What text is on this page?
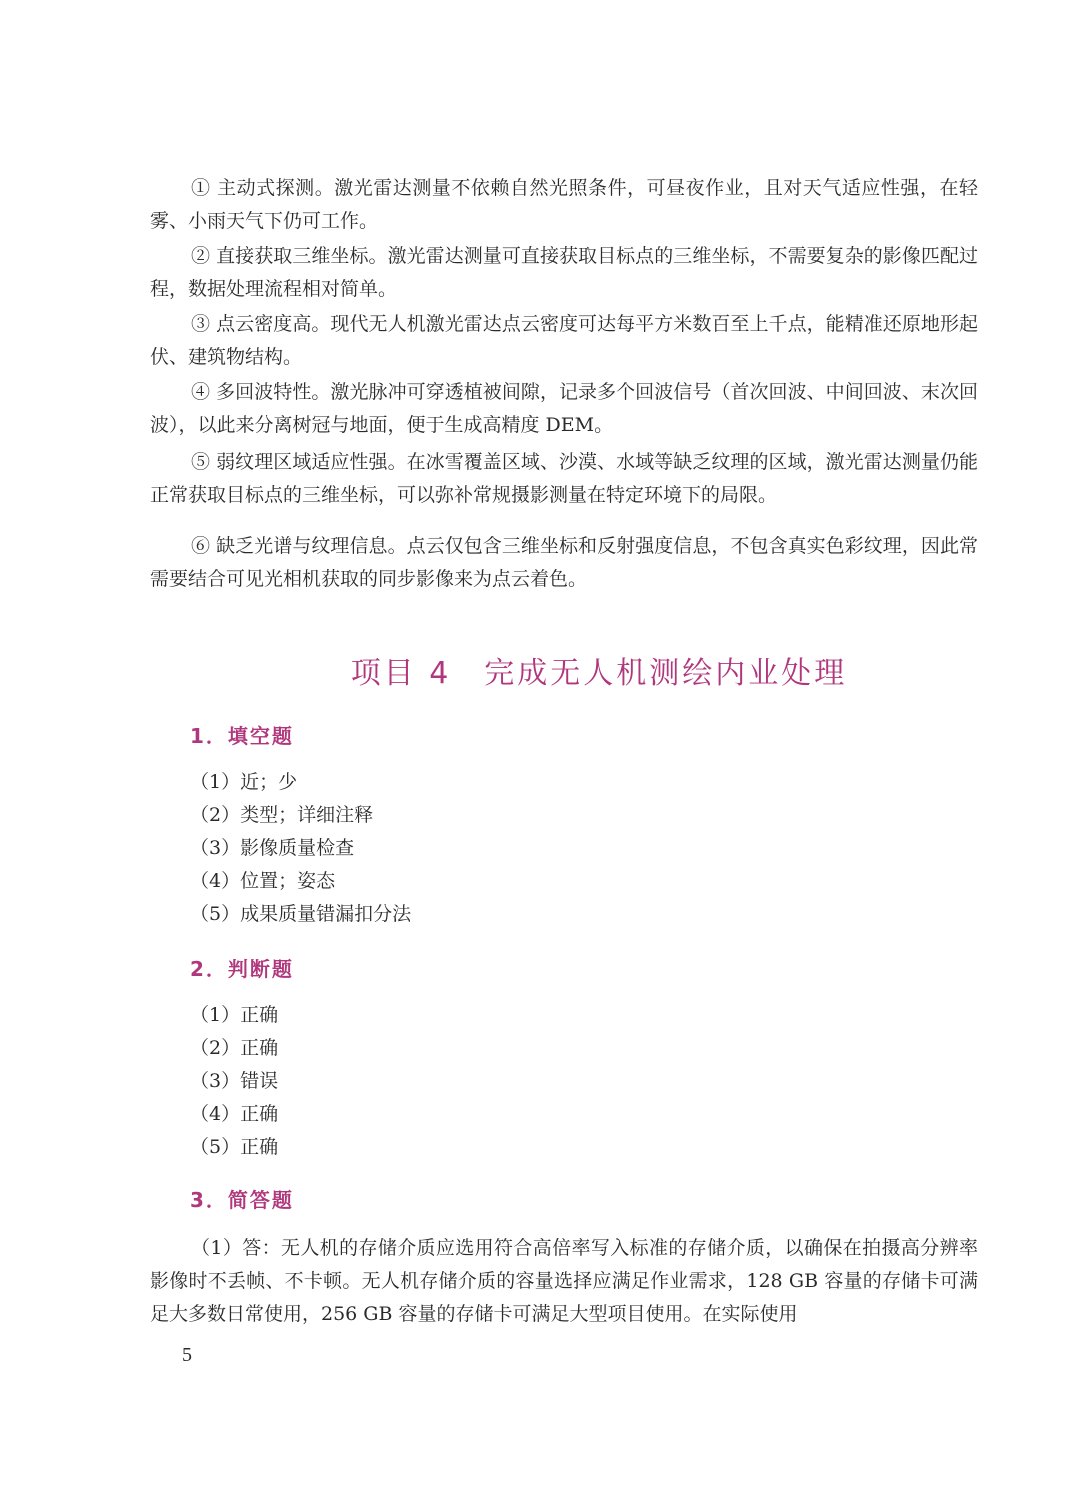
① 主动式探测。激光雷达测量不依赖自然光照条件，可昼夜作业，且对天气适应性强，在轻雾、小雨天气下仍可工作。

② 直接获取三维坐标。激光雷达测量可直接获取目标点的三维坐标，不需要复杂的影像匹配过程，数据处理流程相对简单。

③ 点云密度高。现代无人机激光雷达点云密度可达每平方米数百至上千点，能精准还原地形起伏、建筑物结构。

④ 多回波特性。激光脉冲可穿透植被间隙，记录多个回波信号（首次回波、中间回波、末次回波），以此来分离树冠与地面，便于生成高精度 DEM。

⑤ 弱纹理区域适应性强。在冰雪覆盖区域、沙漠、水域等缺乏纹理的区域，激光雷达测量仍能正常获取目标点的三维坐标，可以弥补常规摄影测量在特定环境下的局限。

⑥ 缺乏光谱与纹理信息。点云仅包含三维坐标和反射强度信息，不包含真实色彩纹理，因此常需要结合可见光相机获取的同步影像来为点云着色。

项目 4　完成无人机测绘内业处理
1．填空题
（1）近；少
（2）类型；详细注释
（3）影像质量检查
（4）位置；姿态
（5）成果质量错漏扣分法
2．判断题
（1）正确
（2）正确
（3）错误
（4）正确
（5）正确
3．简答题

（1）答：无人机的存储介质应选用符合高倍率写入标准的存储介质，以确保在拍摄高分辨率影像时不丢帧、不卡顿。无人机存储介质的容量选择应满足作业需求，128 GB 容量的存储卡可满足大多数日常使用，256 GB 容量的存储卡可满足大型项目使用。在实际使用

5
